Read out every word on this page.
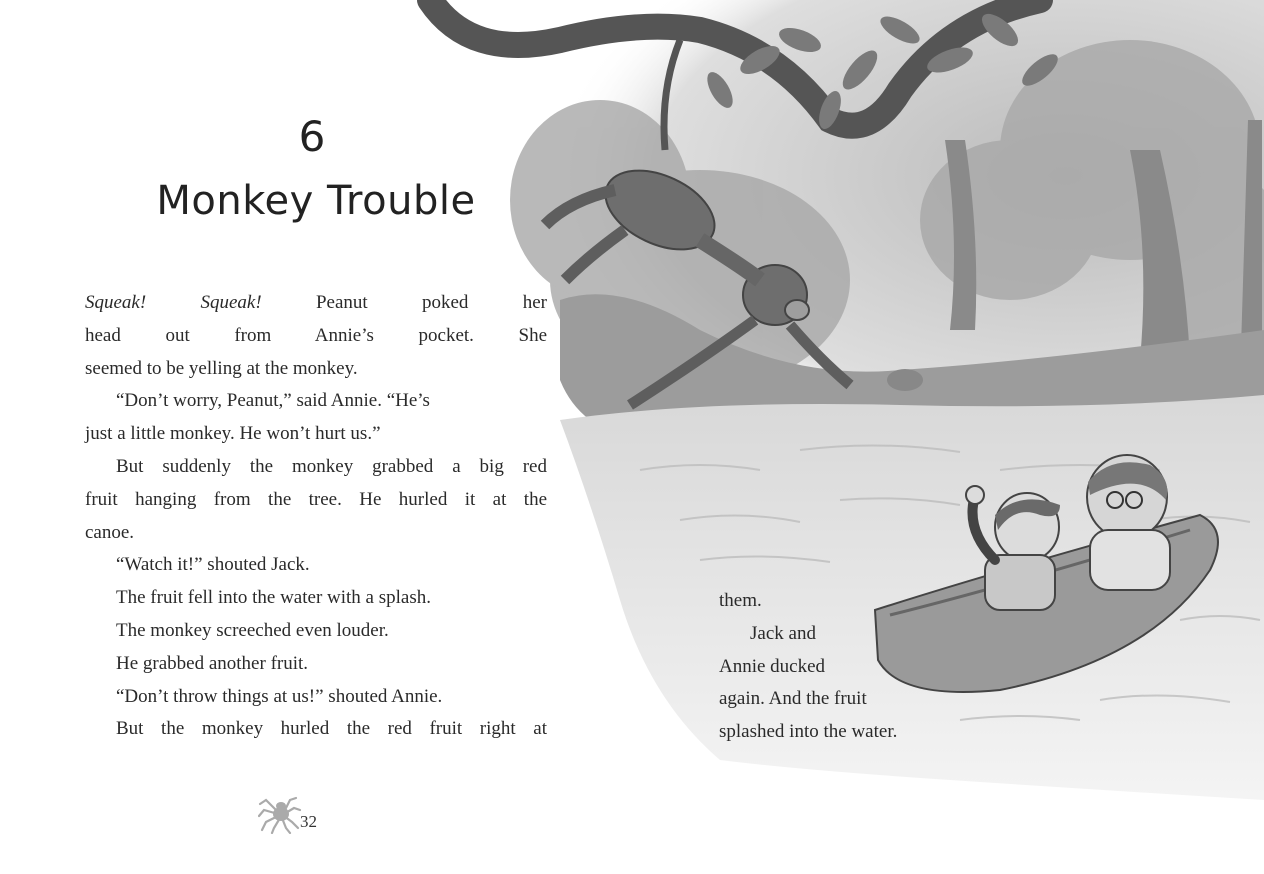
6
Monkey Trouble
Squeak! Squeak! Peanut poked her
head out from Annie’s pocket. She
seemed to be yelling at the monkey.
“Don’t worry, Peanut,” said Annie. “He’s
just a little monkey. He won’t hurt us.”
But suddenly the monkey grabbed a big red
fruit hanging from the tree. He hurled it at the
canoe.
“Watch it!” shouted Jack.
The fruit fell into the water with a splash.
The monkey screeched even louder.
He grabbed another fruit.
“Don’t throw things at us!” shouted Annie.
But the monkey hurled the red fruit right at
them.
Jack and
Annie ducked
again. And the fruit
splashed into the water.
32
